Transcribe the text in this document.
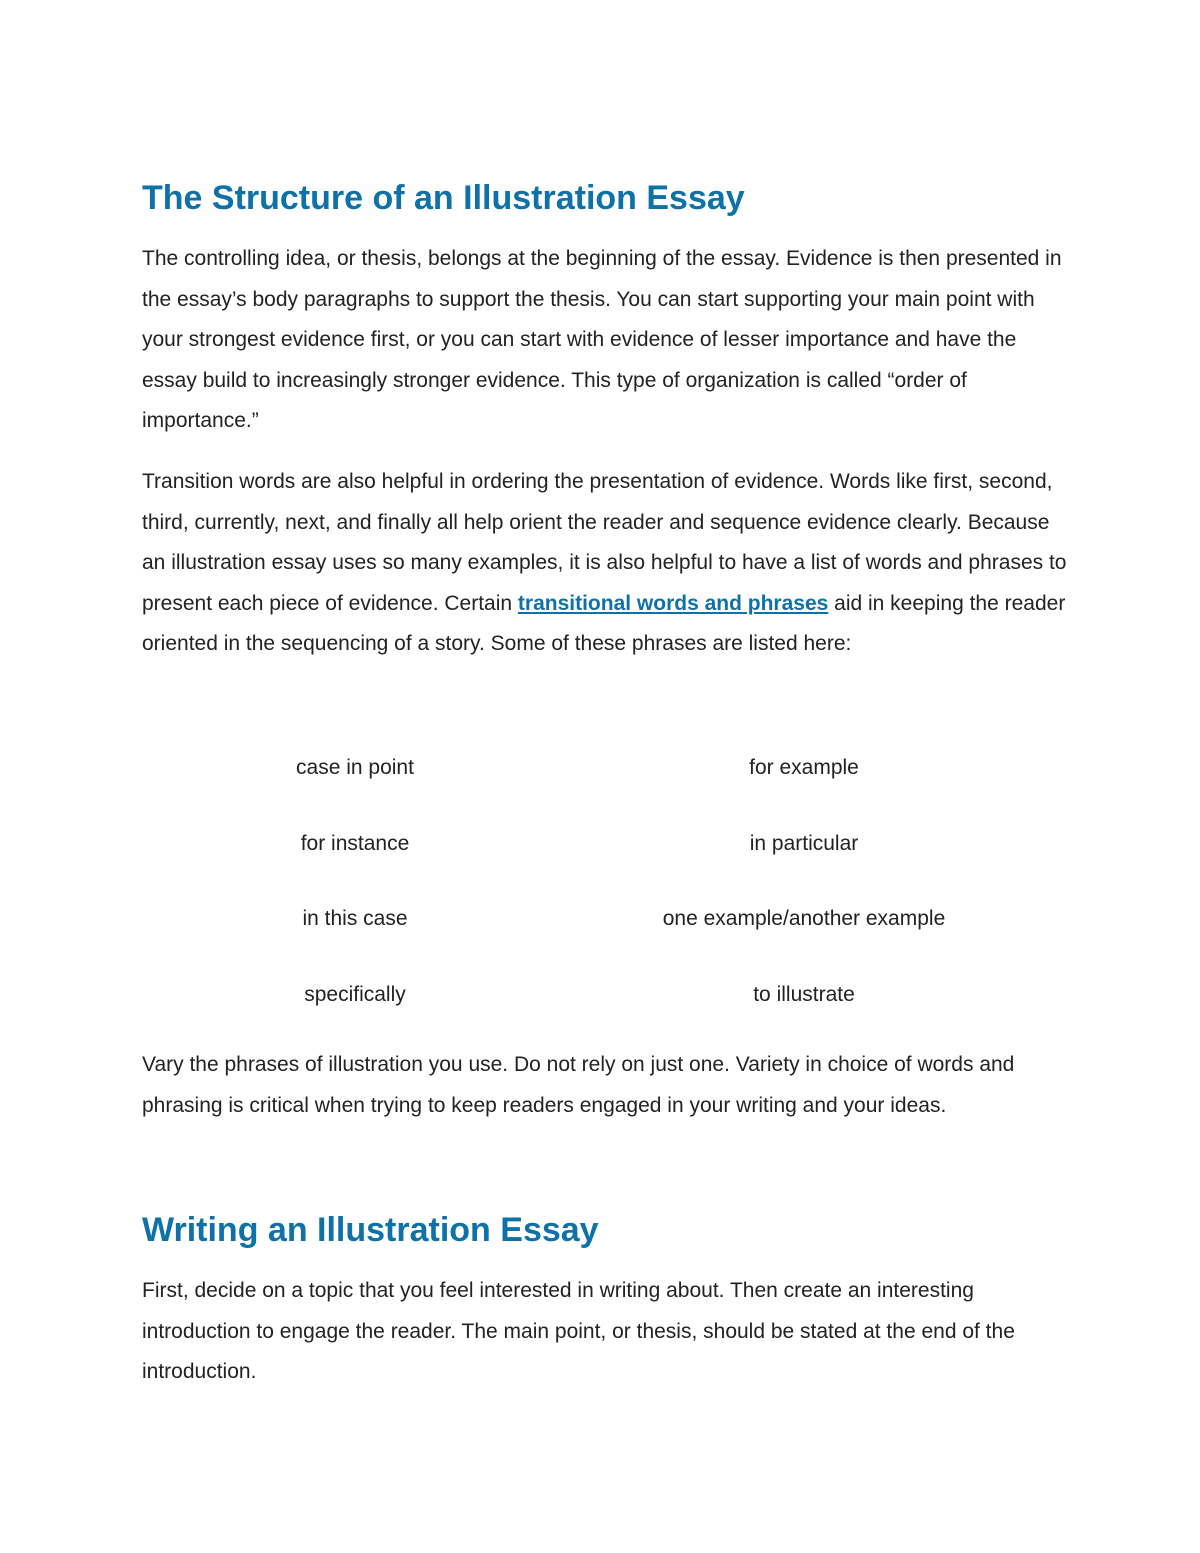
The Structure of an Illustration Essay

The controlling idea, or thesis, belongs at the beginning of the essay. Evidence is then presented in the essay’s body paragraphs to support the thesis. You can start supporting your main point with your strongest evidence first, or you can start with evidence of lesser importance and have the essay build to increasingly stronger evidence. This type of organization is called “order of importance.”

Transition words are also helpful in ordering the presentation of evidence. Words like first, second, third, currently, next, and finally all help orient the reader and sequence evidence clearly. Because an illustration essay uses so many examples, it is also helpful to have a list of words and phrases to present each piece of evidence. Certain transitional words and phrases aid in keeping the reader oriented in the sequencing of a story. Some of these phrases are listed here:

case in point	for example
for instance	in particular
in this case	one example/another example
specifically	to illustrate

Vary the phrases of illustration you use. Do not rely on just one. Variety in choice of words and phrasing is critical when trying to keep readers engaged in your writing and your ideas.

Writing an Illustration Essay

First, decide on a topic that you feel interested in writing about. Then create an interesting introduction to engage the reader. The main point, or thesis, should be stated at the end of the introduction.
